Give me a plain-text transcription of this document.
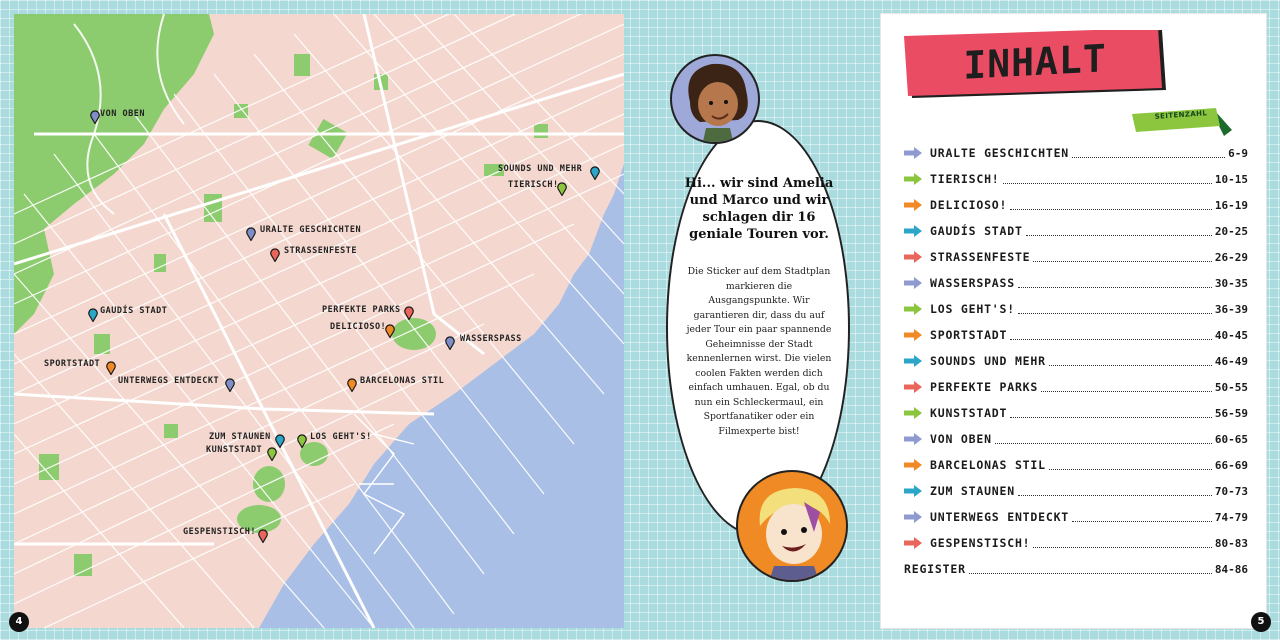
VON OBEN
SOUNDS UND MEHR
TIERISCH!
URALTE GESCHICHTEN
STRASSENFESTE
GAUDÍS STADT	PERFEKTE PARKS
DELICIOSO!
WASSERSPASS
SPORTSTADT
UNTERWEGS ENTDECKT	BARCELONAS STIL
ZUM STAUNEN	LOS GEHT'S!
KUNSTSTADT
GESPENSTISCH!
4
Hi... wir sind Amelia und Marco und wir schlagen dir 16 geniale Touren vor.
Die Sticker auf dem Stadtplan markieren die Ausgangspunkte. Wir garantieren dir, dass du auf jeder Tour ein paar spannende Geheimnisse der Stadt kennenlernen wirst. Die vielen coolen Fakten werden dich einfach umhauen. Egal, ob du nun ein Schleckermaul, ein Sportfanatiker oder ein Filmexperte bist!
INHALT
SEITENZAHL
URALTE GESCHICHTEN	6-9
TIERISCH!	10-15
DELICIOSO!	16-19
GAUDÍS STADT	20-25
STRASSENFESTE	26-29
WASSERSPASS	30-35
LOS GEHT'S!	36-39
SPORTSTADT	40-45
SOUNDS UND MEHR	46-49
PERFEKTE PARKS	50-55
KUNSTSTADT	56-59
VON OBEN	60-65
BARCELONAS STIL	66-69
ZUM STAUNEN	70-73
UNTERWEGS ENTDECKT	74-79
GESPENSTISCH!	80-83
REGISTER	84-86
5
